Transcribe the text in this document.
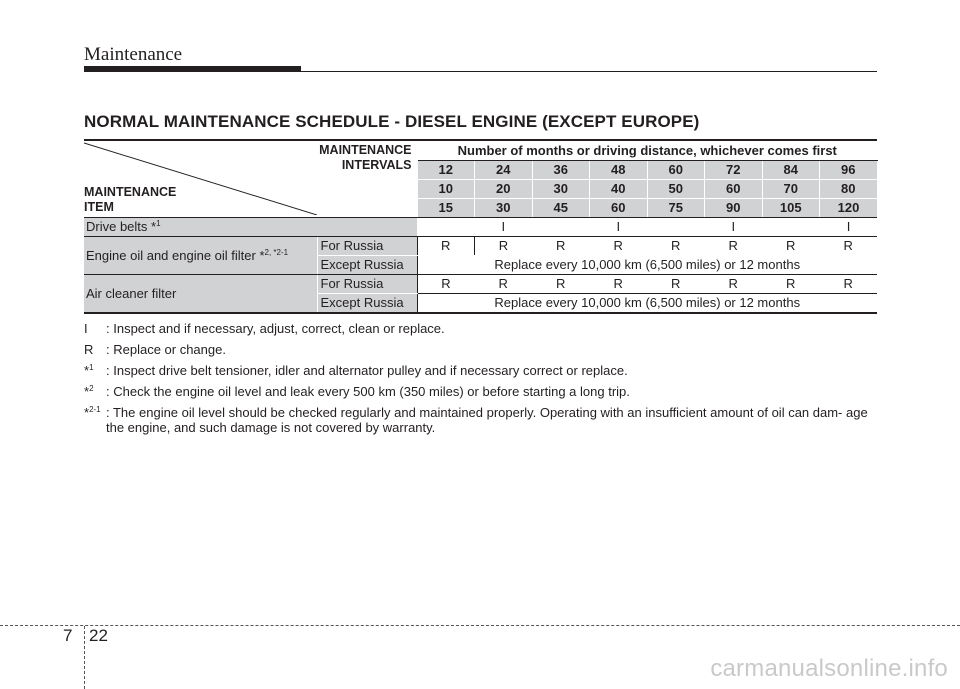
Maintenance
NORMAL MAINTENANCE SCHEDULE - DIESEL ENGINE (EXCEPT EUROPE)
MAINTENANCE
INTERVALS
MAINTENANCE
ITEM		Number of months or driving distance, whichever comes first							
		12	24	36	48	60	72	84	96
		10	20	30	40	50	60	70	80
		15	30	45	60	75	90	105	120
Drive belts *$^1$			I		I		I		I
Engine oil and engine oil filter *$^{2, *2-1}$	For Russia	R	R	R	R	R	R	R	R
	Except Russia	Replace every 10,000 km (6,500 miles) or 12 months							
Air cleaner filter	For Russia	R	R	R	R	R	R	R	R
	Except Russia	Replace every 10,000 km (6,500 miles) or 12 months							
I	: Inspect and if necessary, adjust, correct, clean or replace.
R : Replace or change.
*$^1$ : Inspect drive belt tensioner, idler and alternator pulley and if necessary correct or replace.
*$^2$ : Check the engine oil level and leak every 500 km (350 miles) or before starting a long trip.
*$^{2-1}$ : The engine oil level should be checked regularly and maintained properly. Operating with an insufficient amount of oil can dam- age the engine, and such damage is not covered by warranty.
7 22
carmanualsonline.info
